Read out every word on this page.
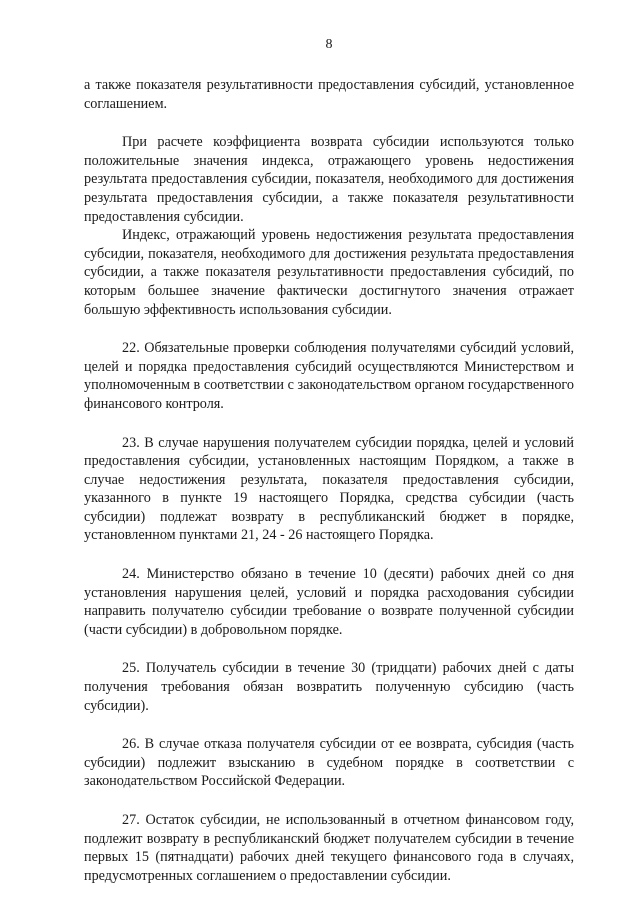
8

а также показателя результативности предоставления субсидий, установленное соглашением.

При расчете коэффициента возврата субсидии используются только положительные значения индекса, отражающего уровень недостижения результата предоставления субсидии, показателя, необходимого для достижения результата предоставления субсидии, а также показателя результативности предоставления субсидии.

Индекс, отражающий уровень недостижения результата предоставления субсидии, показателя, необходимого для достижения результата предоставления субсидии, а также показателя результативности предоставления субсидий, по которым большее значение фактически достигнутого значения отражает большую эффективность использования субсидии.

22. Обязательные проверки соблюдения получателями субсидий условий, целей и порядка предоставления субсидий осуществляются Министерством и уполномоченным в соответствии с законодательством органом государственного финансового контроля.

23. В случае нарушения получателем субсидии порядка, целей и условий предоставления субсидии, установленных настоящим Порядком, а также в случае недостижения результата, показателя предоставления субсидии, указанного в пункте 19 настоящего Порядка, средства субсидии (часть субсидии) подлежат возврату в республиканский бюджет в порядке, установленном пунктами 21, 24 - 26 настоящего Порядка.

24. Министерство обязано в течение 10 (десяти) рабочих дней со дня установления нарушения целей, условий и порядка расходования субсидии направить получателю субсидии требование о возврате полученной субсидии (части субсидии) в добровольном порядке.

25. Получатель субсидии в течение 30 (тридцати) рабочих дней с даты получения требования обязан возвратить полученную субсидию (часть субсидии).

26. В случае отказа получателя субсидии от ее возврата, субсидия (часть субсидии) подлежит взысканию в судебном порядке в соответствии с законодательством Российской Федерации.

27. Остаток субсидии, не использованный в отчетном финансовом году, подлежит возврату в республиканский бюджет получателем субсидии в течение первых 15 (пятнадцати) рабочих дней текущего финансового года в случаях, предусмотренных соглашением о предоставлении субсидии.
